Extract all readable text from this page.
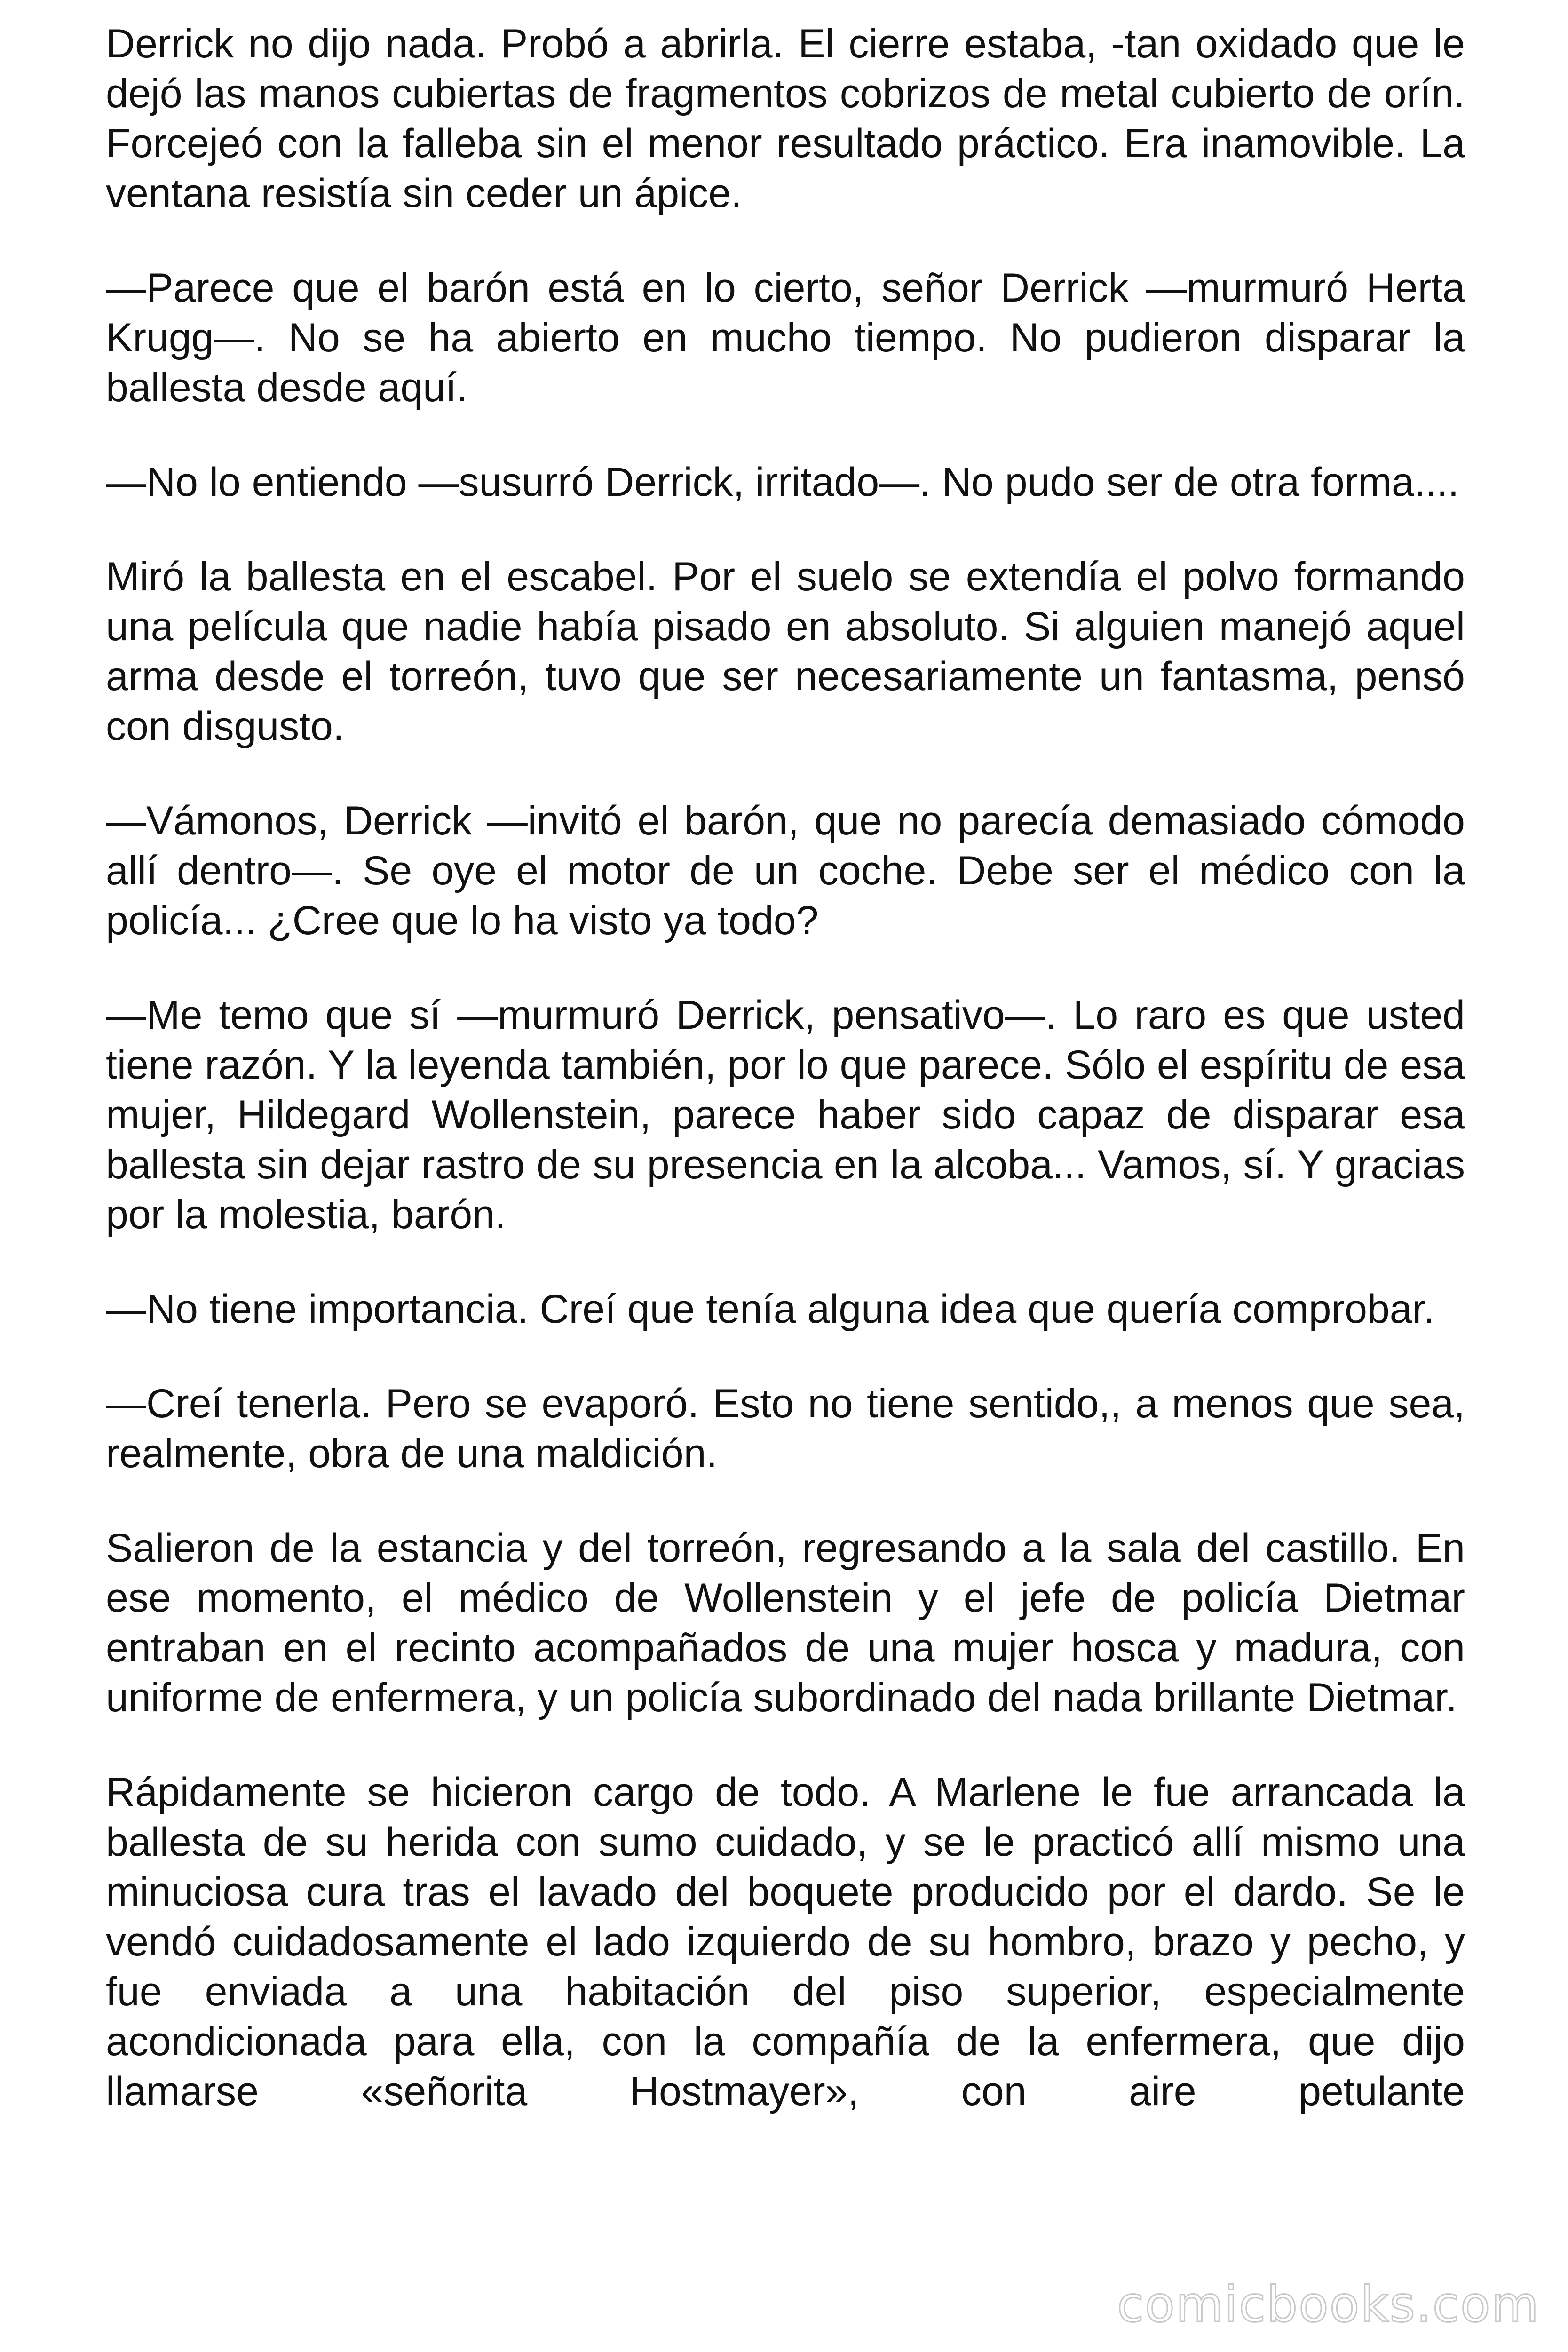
Derrick no dijo nada. Probó a abrirla. El cierre estaba, -tan oxidado que le dejó las manos cubiertas de fragmentos cobrizos de metal cubierto de orín. Forcejeó con la falleba sin el menor resultado práctico. Era inamovible. La ventana resistía sin ceder un ápice.

—Parece que el barón está en lo cierto, señor Derrick —murmuró Herta Krugg—. No se ha abierto en mucho tiempo. No pudieron disparar la ballesta desde aquí.

—No lo entiendo —susurró Derrick, irritado—. No pudo ser de otra forma....

Miró la ballesta en el escabel. Por el suelo se extendía el polvo formando una película que nadie había pisado en absoluto. Si alguien manejó aquel arma desde el torreón, tuvo que ser necesariamente un fantasma, pensó con disgusto.

—Vámonos, Derrick —invitó el barón, que no parecía demasiado cómodo allí dentro—. Se oye el motor de un coche. Debe ser el médico con la policía... ¿Cree que lo ha visto ya todo?

—Me temo que sí —murmuró Derrick, pensativo—. Lo raro es que usted tiene razón. Y la leyenda también, por lo que parece. Sólo el espíritu de esa mujer, Hildegard Wollenstein, parece haber sido capaz de disparar esa ballesta sin dejar rastro de su presencia en la alcoba... Vamos, sí. Y gracias por la molestia, barón.

—No tiene importancia. Creí que tenía alguna idea que quería comprobar.

—Creí tenerla. Pero se evaporó. Esto no tiene sentido,, a menos que sea, realmente, obra de una maldición.

Salieron de la estancia y del torreón, regresando a la sala del castillo. En ese momento, el médico de Wollenstein y el jefe de policía Dietmar entraban en el recinto acompañados de una mujer hosca y madura, con uniforme de enfermera, y un policía subordinado del nada brillante Dietmar.

Rápidamente se hicieron cargo de todo. A Marlene le fue arrancada la ballesta de su herida con sumo cuidado, y se le practicó allí mismo una minuciosa cura tras el lavado del boquete producido por el dardo. Se le vendó cuidadosamente el lado izquierdo de su hombro, brazo y pecho, y fue enviada a una habitación del piso superior, especialmente acondicionada para ella, con la compañía de la enfermera, que dijo llamarse «señorita Hostmayer», con aire petulante

comicbooks.com
